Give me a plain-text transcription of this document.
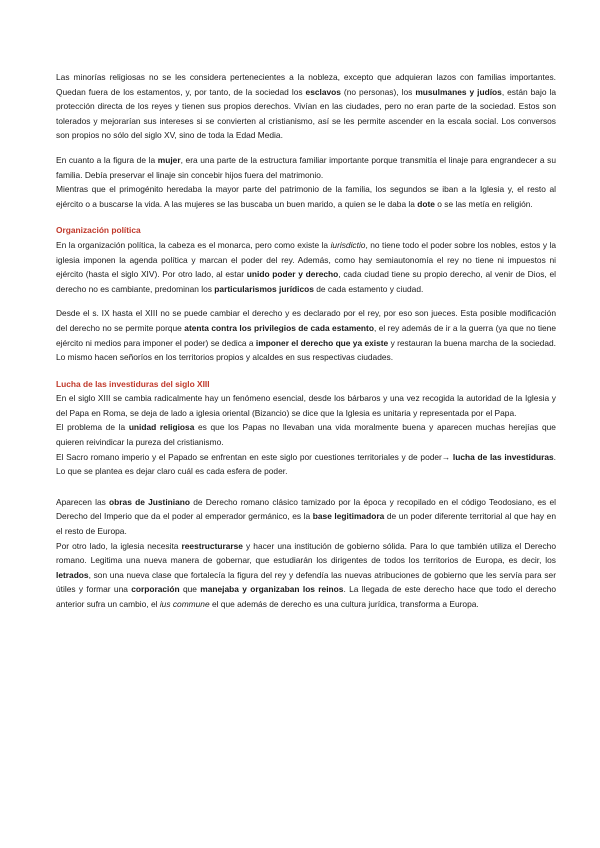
Las minorías religiosas no se les considera pertenecientes a la nobleza, excepto que adquieran lazos con familias importantes. Quedan fuera de los estamentos, y, por tanto, de la sociedad los esclavos (no personas), los musulmanes y judíos, están bajo la protección directa de los reyes y tienen sus propios derechos. Vivían en las ciudades, pero no eran parte de la sociedad. Estos son tolerados y mejorarían sus intereses si se convierten al cristianismo, así se les permite ascender en la escala social. Los conversos son propios no sólo del siglo XV, sino de toda la Edad Media.

En cuanto a la figura de la mujer, era una parte de la estructura familiar importante porque transmitía el linaje para engrandecer a su familia. Debía preservar el linaje sin concebir hijos fuera del matrimonio.

Mientras que el primogénito heredaba la mayor parte del patrimonio de la familia, los segundos se iban a la Iglesia y, el resto al ejército o a buscarse la vida. A las mujeres se las buscaba un buen marido, a quien se le daba la dote o se las metía en religión.

Organización política

En la organización política, la cabeza es el monarca, pero como existe la iurisdictio, no tiene todo el poder sobre los nobles, estos y la iglesia imponen la agenda política y marcan el poder del rey. Además, como hay semiautonomía el rey no tiene ni impuestos ni ejército (hasta el siglo XIV). Por otro lado, al estar unido poder y derecho, cada ciudad tiene su propio derecho, al venir de Dios, el derecho no es cambiante, predominan los particularismos jurídicos de cada estamento y ciudad.

Desde el s. IX hasta el XIII no se puede cambiar el derecho y es declarado por el rey, por eso son jueces. Esta posible modificación del derecho no se permite porque atenta contra los privilegios de cada estamento, el rey además de ir a la guerra (ya que no tiene ejército ni medios para imponer el poder) se dedica a imponer el derecho que ya existe y restauran la buena marcha de la sociedad. Lo mismo hacen señoríos en los territorios propios y alcaldes en sus respectivas ciudades.

Lucha de las investiduras del siglo XIII

En el siglo XIII se cambia radicalmente hay un fenómeno esencial, desde los bárbaros y una vez recogida la autoridad de la Iglesia y del Papa en Roma, se deja de lado a iglesia oriental (Bizancio) se dice que la Iglesia es unitaria y representada por el Papa.

El problema de la unidad religiosa es que los Papas no llevaban una vida moralmente buena y aparecen muchas herejías que quieren reivindicar la pureza del cristianismo.

El Sacro romano imperio y el Papado se enfrentan en este siglo por cuestiones territoriales y de poder→ lucha de las investiduras. Lo que se plantea es dejar claro cuál es cada esfera de poder.

Aparecen las obras de Justiniano de Derecho romano clásico tamizado por la época y recopilado en el código Teodosiano, es el Derecho del Imperio que da el poder al emperador germánico, es la base legitimadora de un poder diferente territorial al que hay en el resto de Europa.

Por otro lado, la iglesia necesita reestructurarse y hacer una institución de gobierno sólida. Para lo que también utiliza el Derecho romano. Legitima una nueva manera de gobernar, que estudiarán los dirigentes de todos los territorios de Europa, es decir, los letrados, son una nueva clase que fortalecía la figura del rey y defendía las nuevas atribuciones de gobierno que les servía para ser útiles y formar una corporación que manejaba y organizaban los reinos. La llegada de este derecho hace que todo el derecho anterior sufra un cambio, el ius commune el que además de derecho es una cultura jurídica, transforma a Europa.
